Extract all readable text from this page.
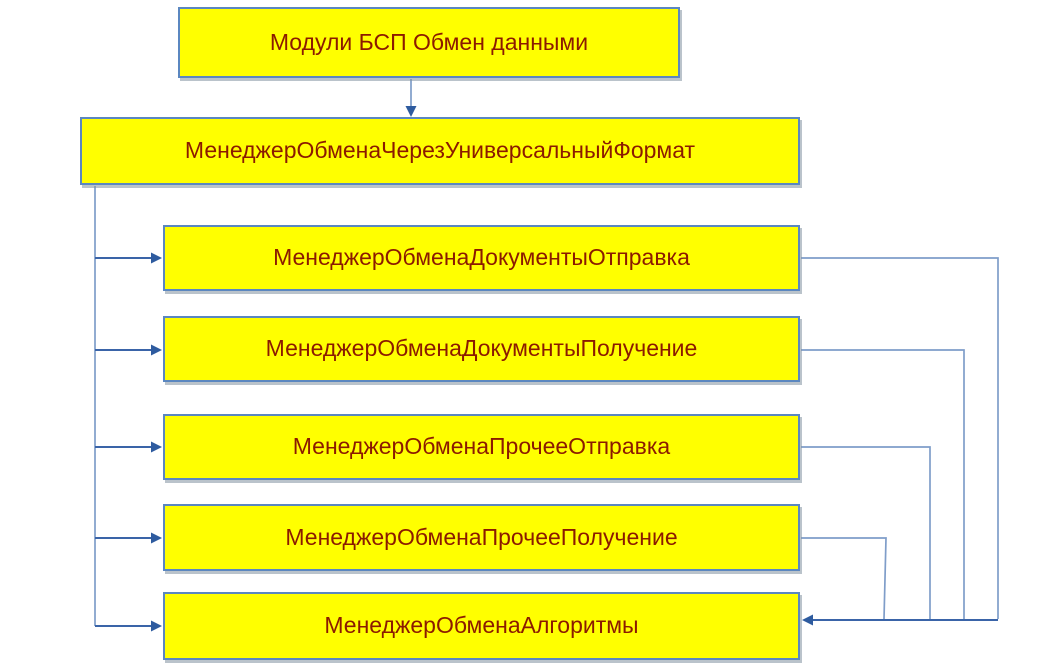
Модули БСП Обмен данными
МенеджерОбменаЧерезУниверсальныйФормат
МенеджерОбменаДокументыОтправка
МенеджерОбменаДокументыПолучение
МенеджерОбменаПрочееОтправка
МенеджерОбменаПрочееПолучение
МенеджерОбменаАлгоритмы
